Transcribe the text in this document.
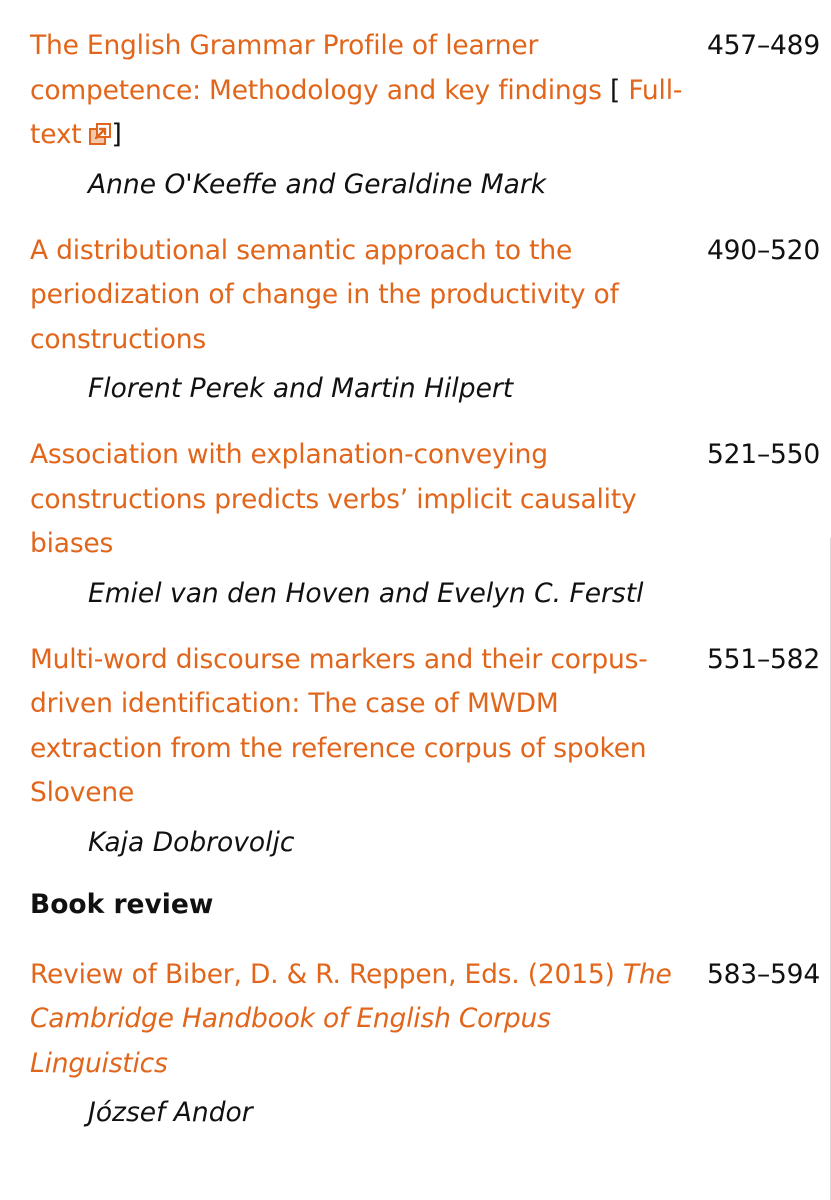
The English Grammar Profile of learner competence: Methodology and key findings [ Full-text ]
457–489
Anne O'Keeffe and Geraldine Mark
A distributional semantic approach to the periodization of change in the productivity of constructions
490–520
Florent Perek and Martin Hilpert
Association with explanation-conveying constructions predicts verbs’ implicit causality biases
521–550
Emiel van den Hoven and Evelyn C. Ferstl
Multi-word discourse markers and their corpus-driven identification: The case of MWDM extraction from the reference corpus of spoken Slovene
551–582
Kaja Dobrovoljc
Book review
Review of Biber, D. & R. Reppen, Eds. (2015) The Cambridge Handbook of English Corpus Linguistics
583–594
József Andor
